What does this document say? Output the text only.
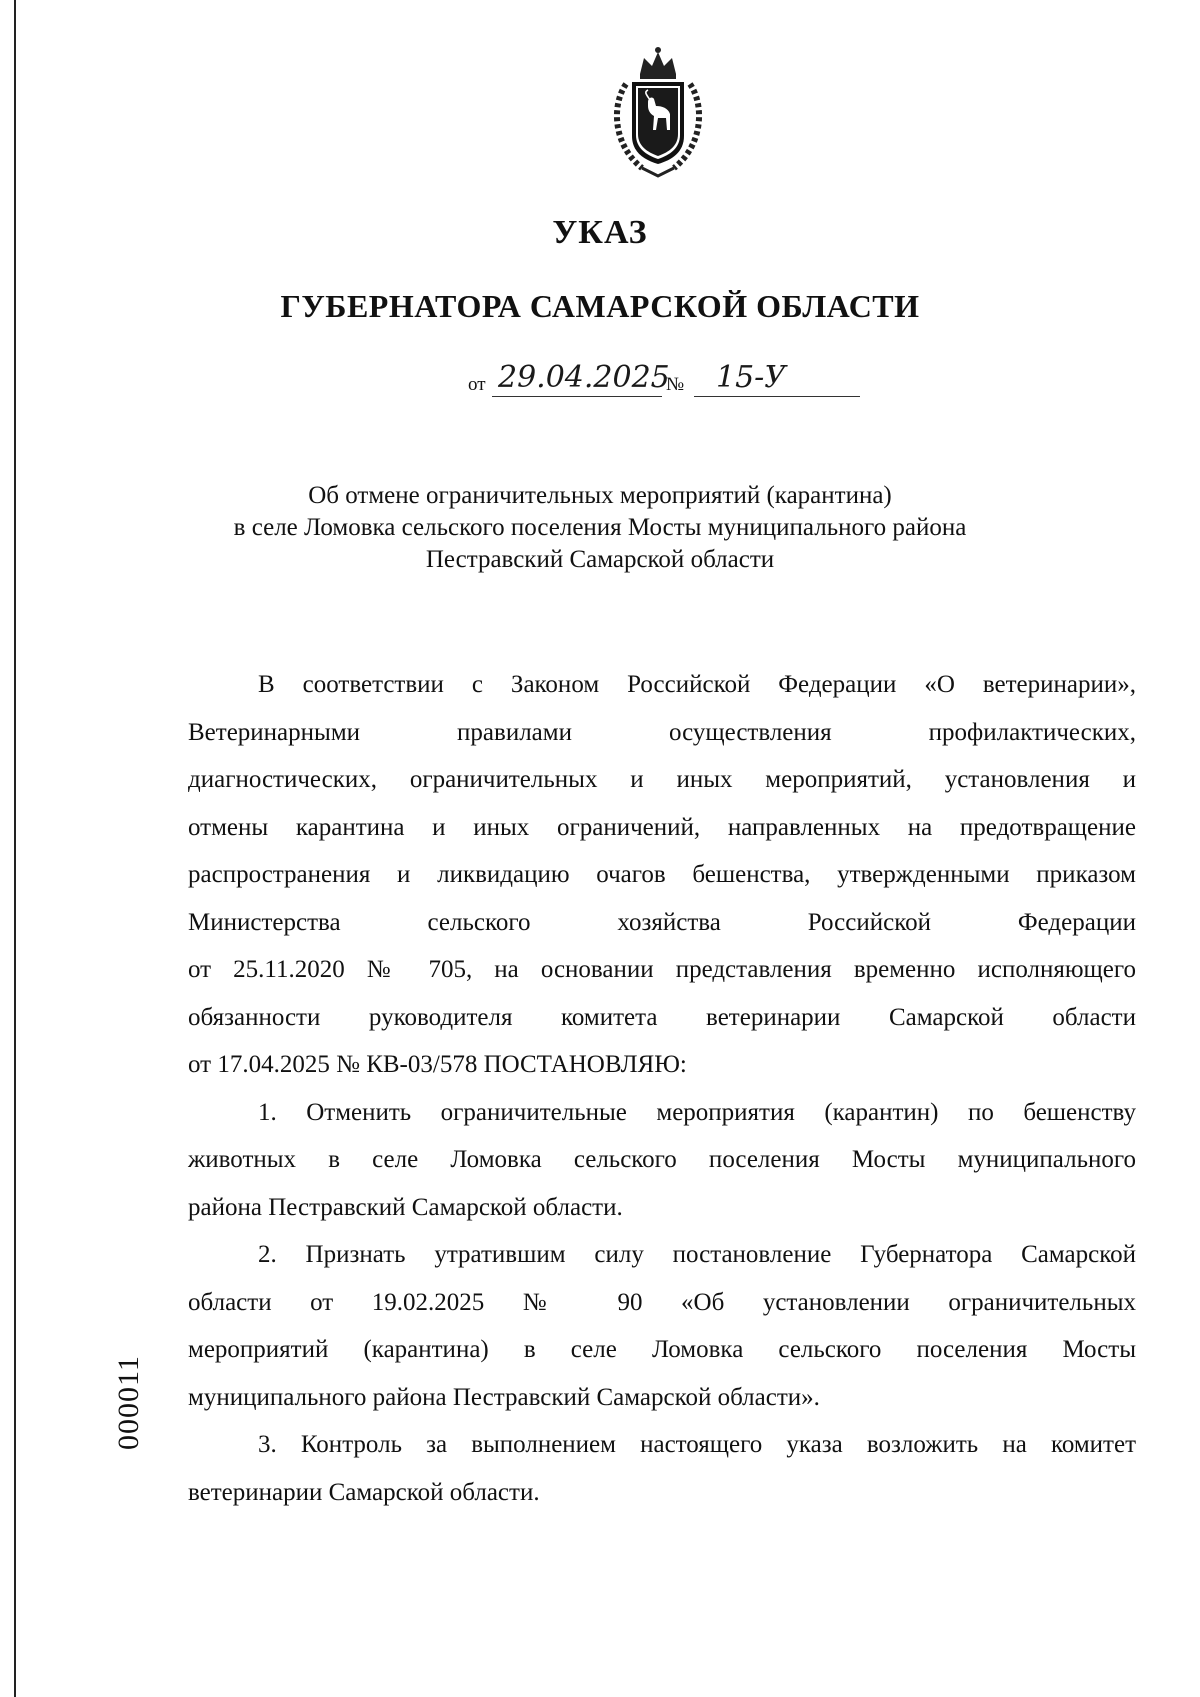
УКАЗ
ГУБЕРНАТОРА САМАРСКОЙ ОБЛАСТИ
от 29.04.2025
№ 15-У
Об отмене ограничительных мероприятий (карантина)
в селе Ломовка сельского поселения Мосты муниципального района
Пестравский Самарской области

В соответствии с Законом Российской Федерации «О ветеринарии»,
Ветеринарными правилами осуществления профилактических,
диагностических, ограничительных и иных мероприятий, установления и
отмены карантина и иных ограничений, направленных на предотвращение
распространения и ликвидацию очагов бешенства, утвержденными приказом
Министерства сельского хозяйства Российской Федерации
от 25.11.2020 № 705, на основании представления временно исполняющего
обязанности руководителя комитета ветеринарии Самарской области
от 17.04.2025 № КВ-03/578 ПОСТАНОВЛЯЮ:

1. Отменить ограничительные мероприятия (карантин) по бешенству
животных в селе Ломовка сельского поселения Мосты муниципального
района Пестравский Самарской области.

2. Признать утратившим силу постановление Губернатора Самарской
области от 19.02.2025 № 90 «Об установлении ограничительных
мероприятий (карантина) в селе Ломовка сельского поселения Мосты
муниципального района Пестравский Самарской области».

3. Контроль за выполнением настоящего указа возложить на комитет
ветеринарии Самарской области.

000011
